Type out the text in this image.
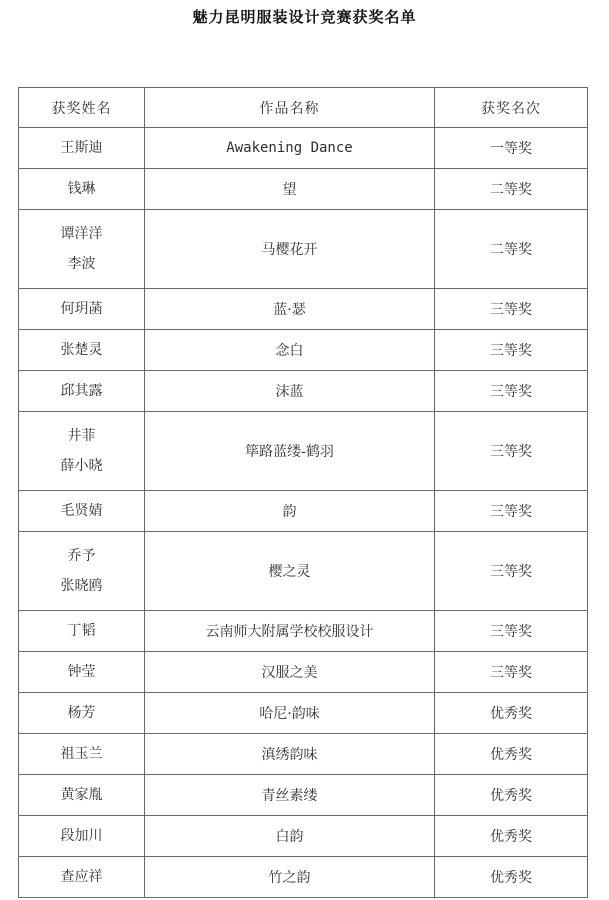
魅力昆明服装设计竞赛获奖名单
获奖姓名	作品名称	获奖名次

王斯迪	Awakening Dance	一等奖

钱琳	望	二等奖

谭洋洋
李波	马樱花开	二等奖

何玥菡	蓝·瑟	三等奖

张楚灵	念白	三等奖

邱其露	沫蓝	三等奖

井菲
薛小晓	筚路蓝缕-鹤羽	三等奖

毛贤婧	韵	三等奖

乔予
张晓鸥	樱之灵	三等奖

丁韬	云南师大附属学校校服设计	三等奖

钟莹	汉服之美	三等奖

杨芳	哈尼·韵味	优秀奖

祖玉兰	滇绣韵味	优秀奖

黄家胤	青丝素缕	优秀奖

段加川	白韵	优秀奖

查应祥	竹之韵	优秀奖
